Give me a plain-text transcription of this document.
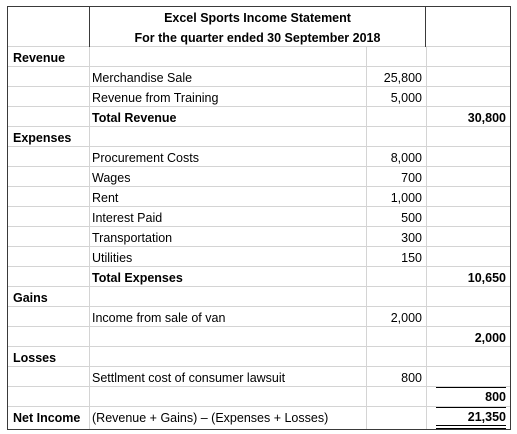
Excel Sports Income Statement
For the quarter ended 30 September 2018
Revenue
Merchandise Sale	25,800
Revenue from Training	5,000
Total Revenue	30,800
Expenses
Procurement Costs	8,000
Wages	700
Rent	1,000
Interest Paid	500
Transportation	300
Utilities	150
Total Expenses	10,650
Gains
Income from sale of van	2,000
2,000
Losses
Settlment cost of consumer lawsuit	800
800
Net Income (Revenue + Gains) – (Expenses + Losses)	21,350
